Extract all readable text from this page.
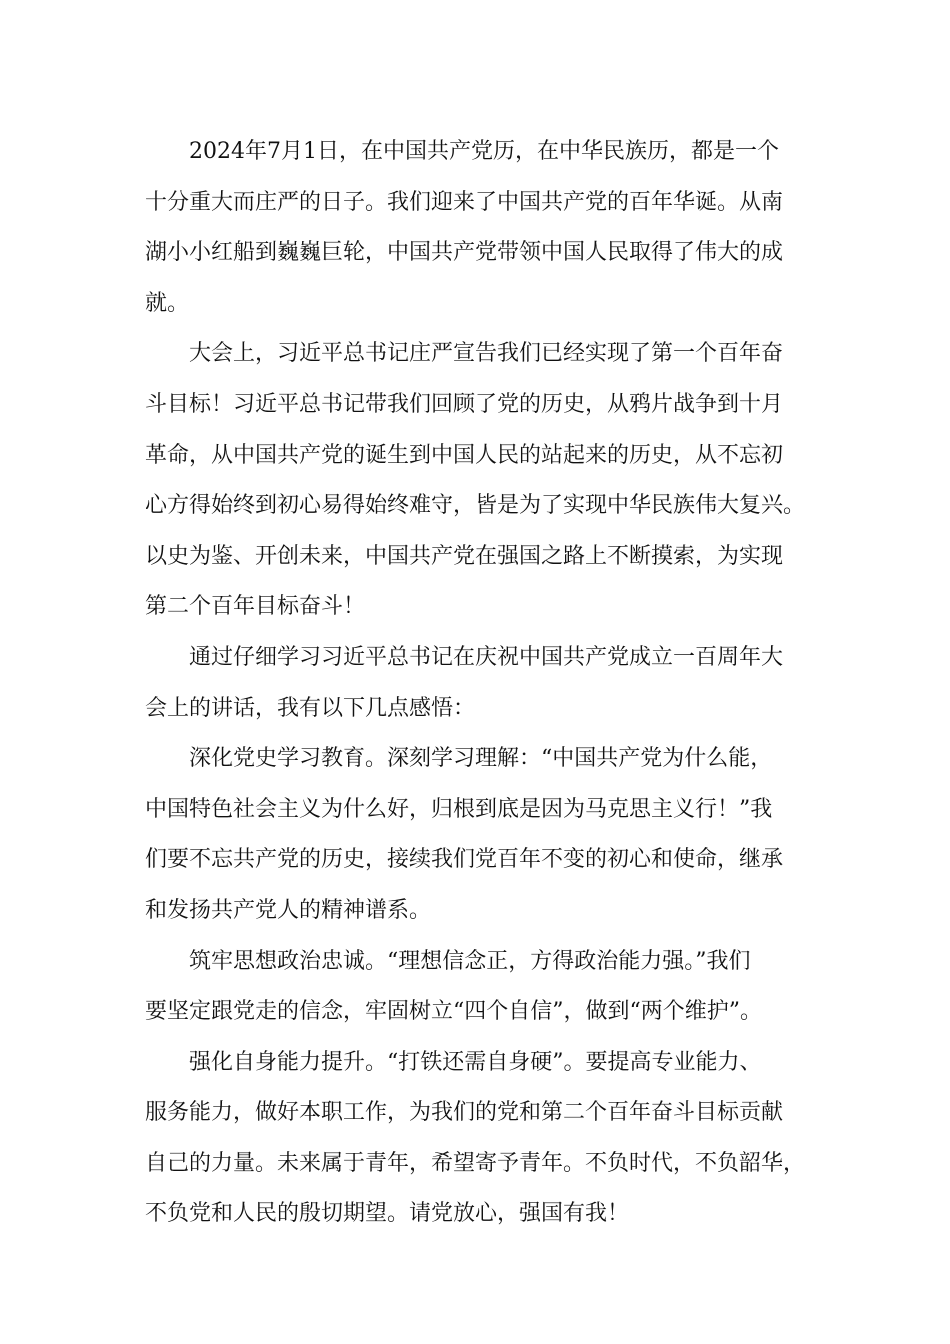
2024年7月1日，在中国共产党历，在中华民族历，都是一个
十分重大而庄严的日子。我们迎来了中国共产党的百年华诞。从南
湖小小红船到巍巍巨轮，中国共产党带领中国人民取得了伟大的成
就。
大会上，习近平总书记庄严宣告我们已经实现了第一个百年奋
斗目标！习近平总书记带我们回顾了党的历史，从鸦片战争到十月
革命，从中国共产党的诞生到中国人民的站起来的历史，从不忘初
心方得始终到初心易得始终难守，皆是为了实现中华民族伟大复兴。
以史为鉴、开创未来，中国共产党在强国之路上不断摸索，为实现
第二个百年目标奋斗！
通过仔细学习习近平总书记在庆祝中国共产党成立一百周年大
会上的讲话，我有以下几点感悟：
深化党史学习教育。深刻学习理解：“中国共产党为什么能，
中国特色社会主义为什么好，归根到底是因为马克思主义行！”我
们要不忘共产党的历史，接续我们党百年不变的初心和使命，继承
和发扬共产党人的精神谱系。
筑牢思想政治忠诚。“理想信念正，方得政治能力强。”我们
要坚定跟党走的信念，牢固树立“四个自信”，做到“两个维护”。
强化自身能力提升。“打铁还需自身硬”。要提高专业能力、
服务能力，做好本职工作，为我们的党和第二个百年奋斗目标贡献
自己的力量。未来属于青年，希望寄予青年。不负时代，不负韶华，
不负党和人民的殷切期望。请党放心，强国有我！
